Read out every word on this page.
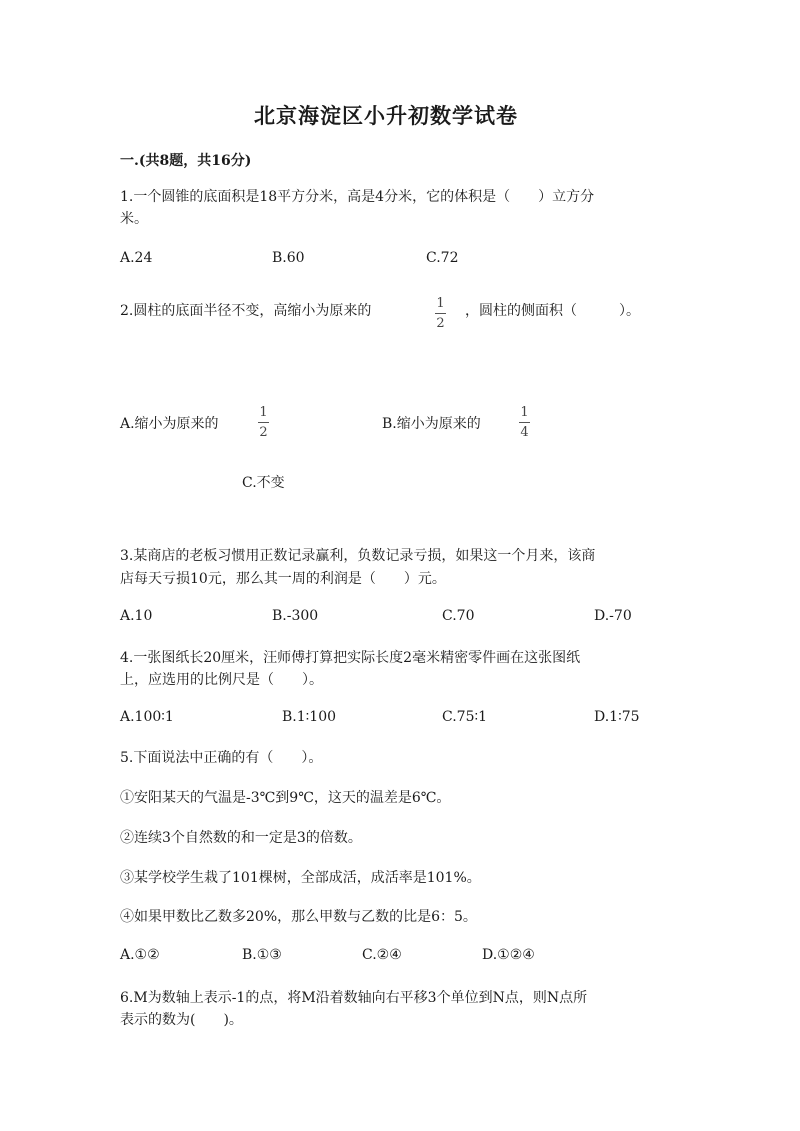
北京海淀区小升初数学试卷
一.(共8题，共16分)
1.一个圆锥的底面积是18平方分米，高是4分米，它的体积是（　　）立方分
米。
A.24	B.60	C.72
2.圆柱的底面半径不变，高缩小为原来的	1
2
，圆柱的侧面积（　　　）。
A.缩小为原来的
1
2
B.缩小为原来的
1
4
C.不变
3.某商店的老板习惯用正数记录赢利，负数记录亏损，如果这一个月来，该商
店每天亏损10元，那么其一周的利润是（　　）元。
A.10	B.-300	C.70	D.-70
4.一张图纸长20厘米，汪师傅打算把实际长度2毫米精密零件画在这张图纸
上，应选用的比例尺是（　　）。
A.100∶1	B.1∶100	C.75∶1	D.1∶75
5.下面说法中正确的有（　　）。
①安阳某天的气温是-3℃到9℃，这天的温差是6℃。
②连续3个自然数的和一定是3的倍数。
③某学校学生栽了101棵树，全部成活，成活率是101%。
④如果甲数比乙数多20%，那么甲数与乙数的比是6：5。
A.①②	B.①③	C.②④	D.①②④
6.M为数轴上表示-1的点，将M沿着数轴向右平移3个单位到N点，则N点所
表示的数为(　　)。
